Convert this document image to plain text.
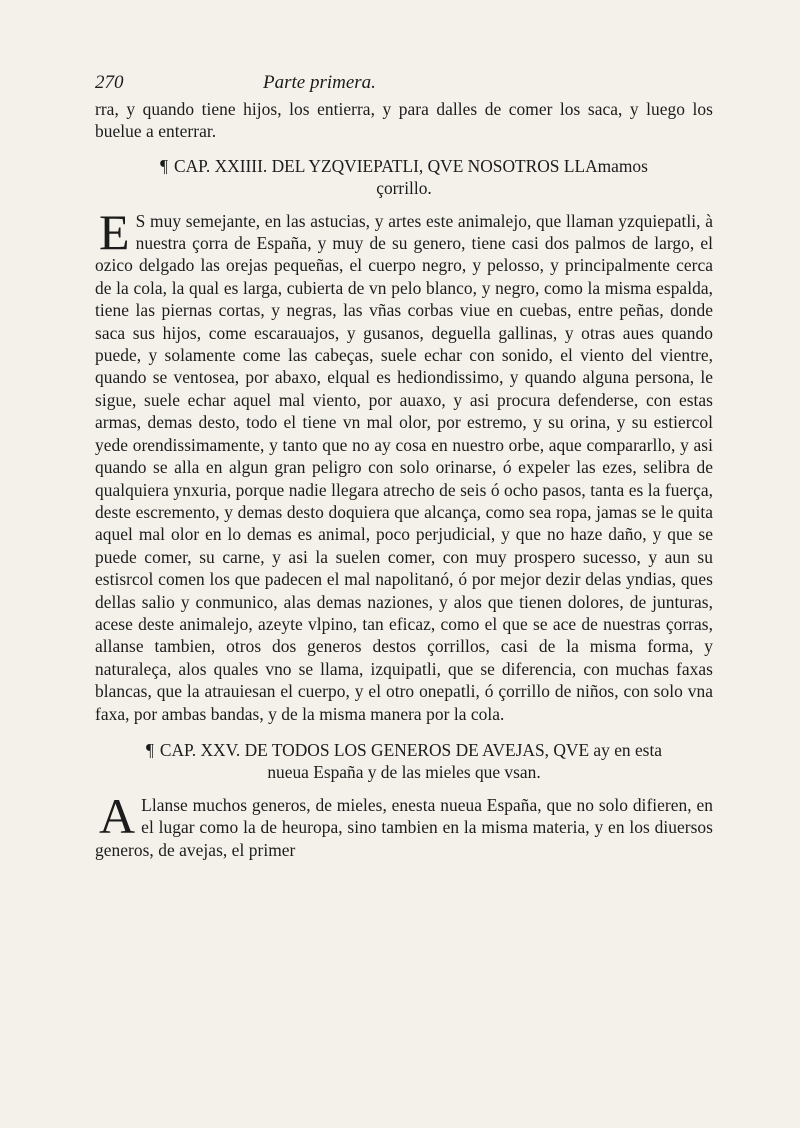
270	Parte primera.

rra, y quando tiene hijos, los entierra, y para dalles de comer los saca, y luego los buelue a enterrar.

¶ CAP. XXIIII. DEL YZQVIEPATLI, QVE NOSOTROS LLAmamos çorrillo.
E S muy semejante, en las astucias, y artes este animalejo, que llaman yzquiepatli, à nuestra çorra de España, y muy de su genero, tiene casi dos palmos de largo, el ozico delgado las orejas pequeñas, el cuerpo negro, y pelosso, y principalmente cerca de la cola, la qual es larga, cubierta de vn pelo blanco, y negro, como la misma espalda, tiene las piernas cortas, y negras, las vñas corbas viue en cuebas, entre peñas, donde saca sus hijos, come escarauajos, y gusanos, deguella gallinas, y otras aues quando puede, y solamente come las cabeças, suele echar con sonido, el viento del vientre, quando se ventosea, por abaxo, elqual es hediondissimo, y quando alguna persona, le sigue, suele echar aquel mal viento, por auaxo, y asi procura defenderse, con estas armas, demas desto, todo el tiene vn mal olor, por estremo, y su orina, y su estiercol yede orendissimamente, y tanto que no ay cosa en nuestro orbe, aque compararllo, y asi quando se alla en algun gran peligro con solo orinarse, ó expeler las ezes, selibra de qualquiera ynxuria, porque nadie llegara atrecho de seis ó ocho pasos, tanta es la fuerça, deste escremento, y demas desto doquiera que alcança, como sea ropa, jamas se le quita aquel mal olor en lo demas es animal, poco perjudicial, y que no haze daño, y que se puede comer, su carne, y asi la suelen comer, con muy prospero sucesso, y aun su estisrcol comen los que padecen el mal napolitanó, ó por mejor dezir delas yndias, ques dellas salio y conmunico, alas demas naziones, y alos que tienen dolores, de junturas, acese deste animalejo, azeyte vlpino, tan eficaz, como el que se ace de nuestras çorras, allanse tambien, otros dos generos destos çorrillos, casi de la misma forma, y naturaleça, alos quales vno se llama, izquipatli, que se diferencia, con muchas faxas blancas, que la atrauiesan el cuerpo, y el otro onepatli, ó çorrillo de niños, con solo vna faxa, por ambas bandas, y de la misma manera por la cola.

¶ CAP. XXV. DE TODOS LOS GENEROS DE AVEJAS, QVE ay en esta nueua España y de las mieles que vsan.
A Llanse muchos generos, de mieles, enesta nueua España, que no solo difieren, en el lugar como la de heuropa, sino tambien en la misma materia, y en los diuersos generos, de avejas, el primer
